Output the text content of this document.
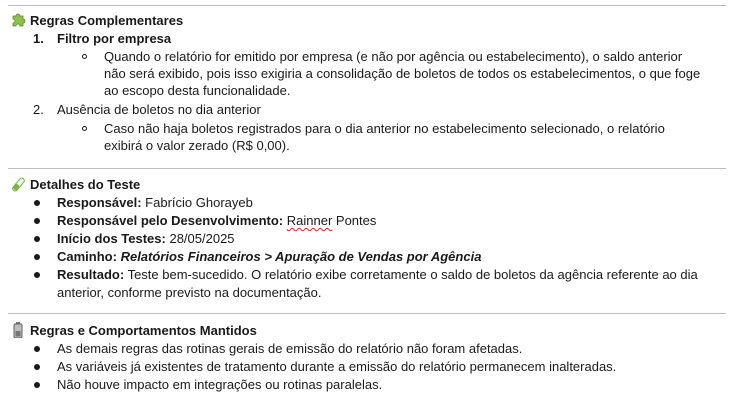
Regras Complementares
1.	Filtro por empresa
Quando o relatório for emitido por empresa (e não por agência ou estabelecimento), o saldo anterior
não será exibido, pois isso exigiria a consolidação de boletos de todos os estabelecimentos, o que foge
ao escopo desta funcionalidade.
2.	Ausência de boletos no dia anterior
Caso não haja boletos registrados para o dia anterior no estabelecimento selecionado, o relatório
exibirá o valor zerado (R$ 0,00).
Detalhes do Teste
Responsável: Fabrício Ghorayeb
Responsável pelo Desenvolvimento: Rainner Pontes
Início dos Testes: 28/05/2025
Caminho: Relatórios Financeiros > Apuração de Vendas por Agência
Resultado: Teste bem-sucedido. O relatório exibe corretamente o saldo de boletos da agência referente ao dia
anterior, conforme previsto na documentação.
Regras e Comportamentos Mantidos
As demais regras das rotinas gerais de emissão do relatório não foram afetadas.
As variáveis já existentes de tratamento durante a emissão do relatório permanecem inalteradas.
Não houve impacto em integrações ou rotinas paralelas.
